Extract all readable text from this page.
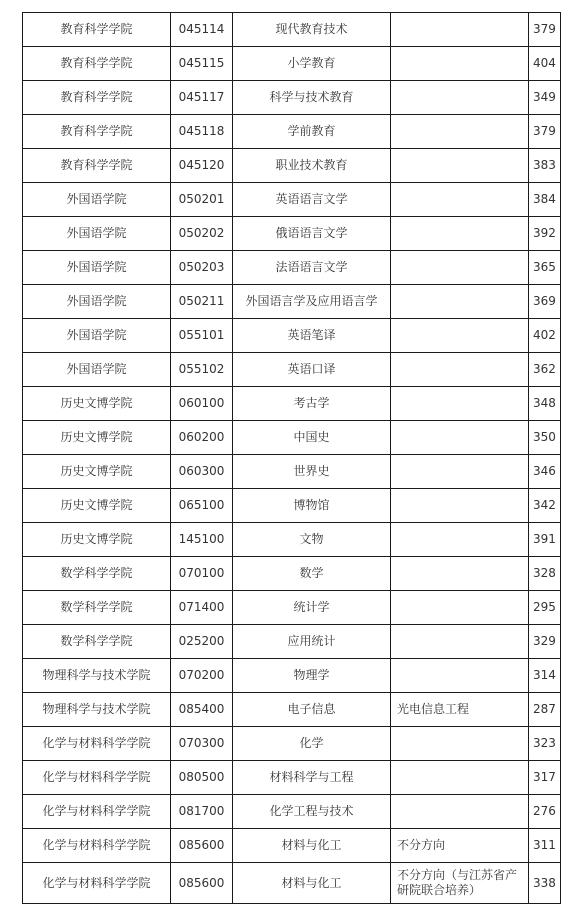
教育科学学院	045114	现代教育技术		379
教育科学学院	045115	小学教育		404
教育科学学院	045117	科学与技术教育		349
教育科学学院	045118	学前教育		379
教育科学学院	045120	职业技术教育		383
外国语学院	050201	英语语言文学		384
外国语学院	050202	俄语语言文学		392
外国语学院	050203	法语语言文学		365
外国语学院	050211	外国语言学及应用语言学		369
外国语学院	055101	英语笔译		402
外国语学院	055102	英语口译		362
历史文博学院	060100	考古学		348
历史文博学院	060200	中国史		350
历史文博学院	060300	世界史		346
历史文博学院	065100	博物馆		342
历史文博学院	145100	文物		391
数学科学学院	070100	数学		328
数学科学学院	071400	统计学		295
数学科学学院	025200	应用统计		329
物理科学与技术学院	070200	物理学		314
物理科学与技术学院	085400	电子信息	光电信息工程	287
化学与材料科学学院	070300	化学		323
化学与材料科学学院	080500	材料科学与工程		317
化学与材料科学学院	081700	化学工程与技术		276
化学与材料科学学院	085600	材料与化工	不分方向	311
化学与材料科学学院	085600	材料与化工	不分方向（与江苏省产研院联合培养）	338
